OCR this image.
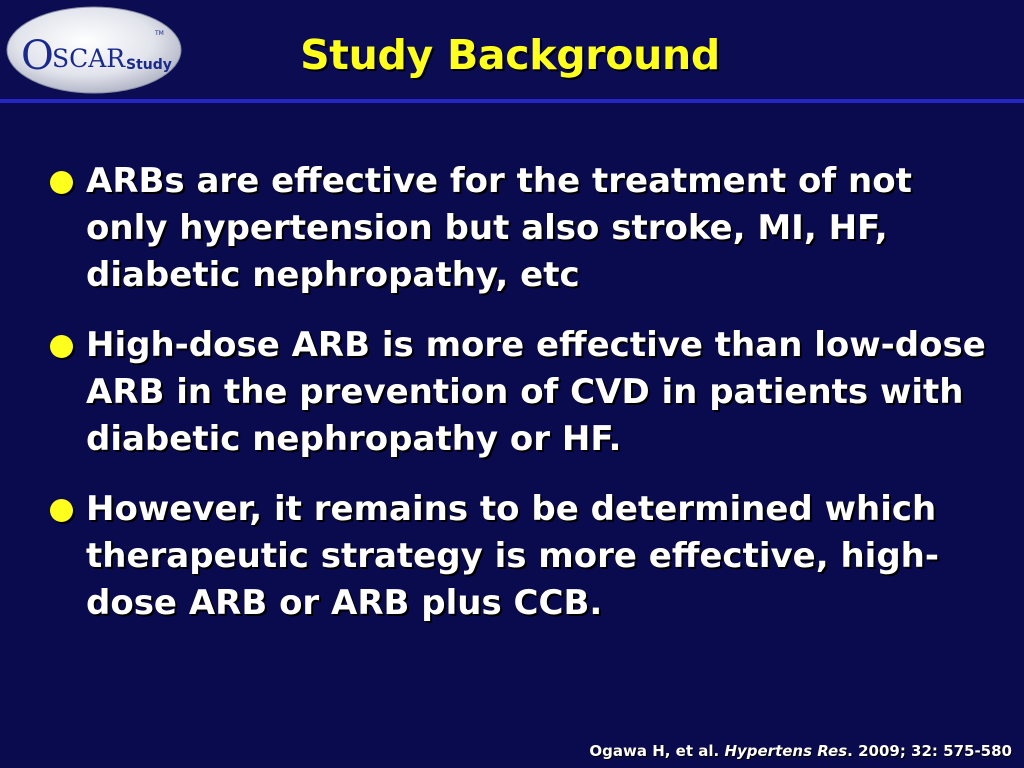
O
SCAR Study
TM	Study Background
ARBs are effective for the treatment of not only hypertension but also stroke, MI, HF, diabetic nephropathy, etc
High-dose ARB is more effective than low-dose ARB in the prevention of CVD in patients with diabetic nephropathy or HF.
However, it remains to be determined which therapeutic strategy is more effective, high-dose ARB or ARB plus CCB.
Ogawa H, et al. Hypertens Res. 2009; 32: 575-580
